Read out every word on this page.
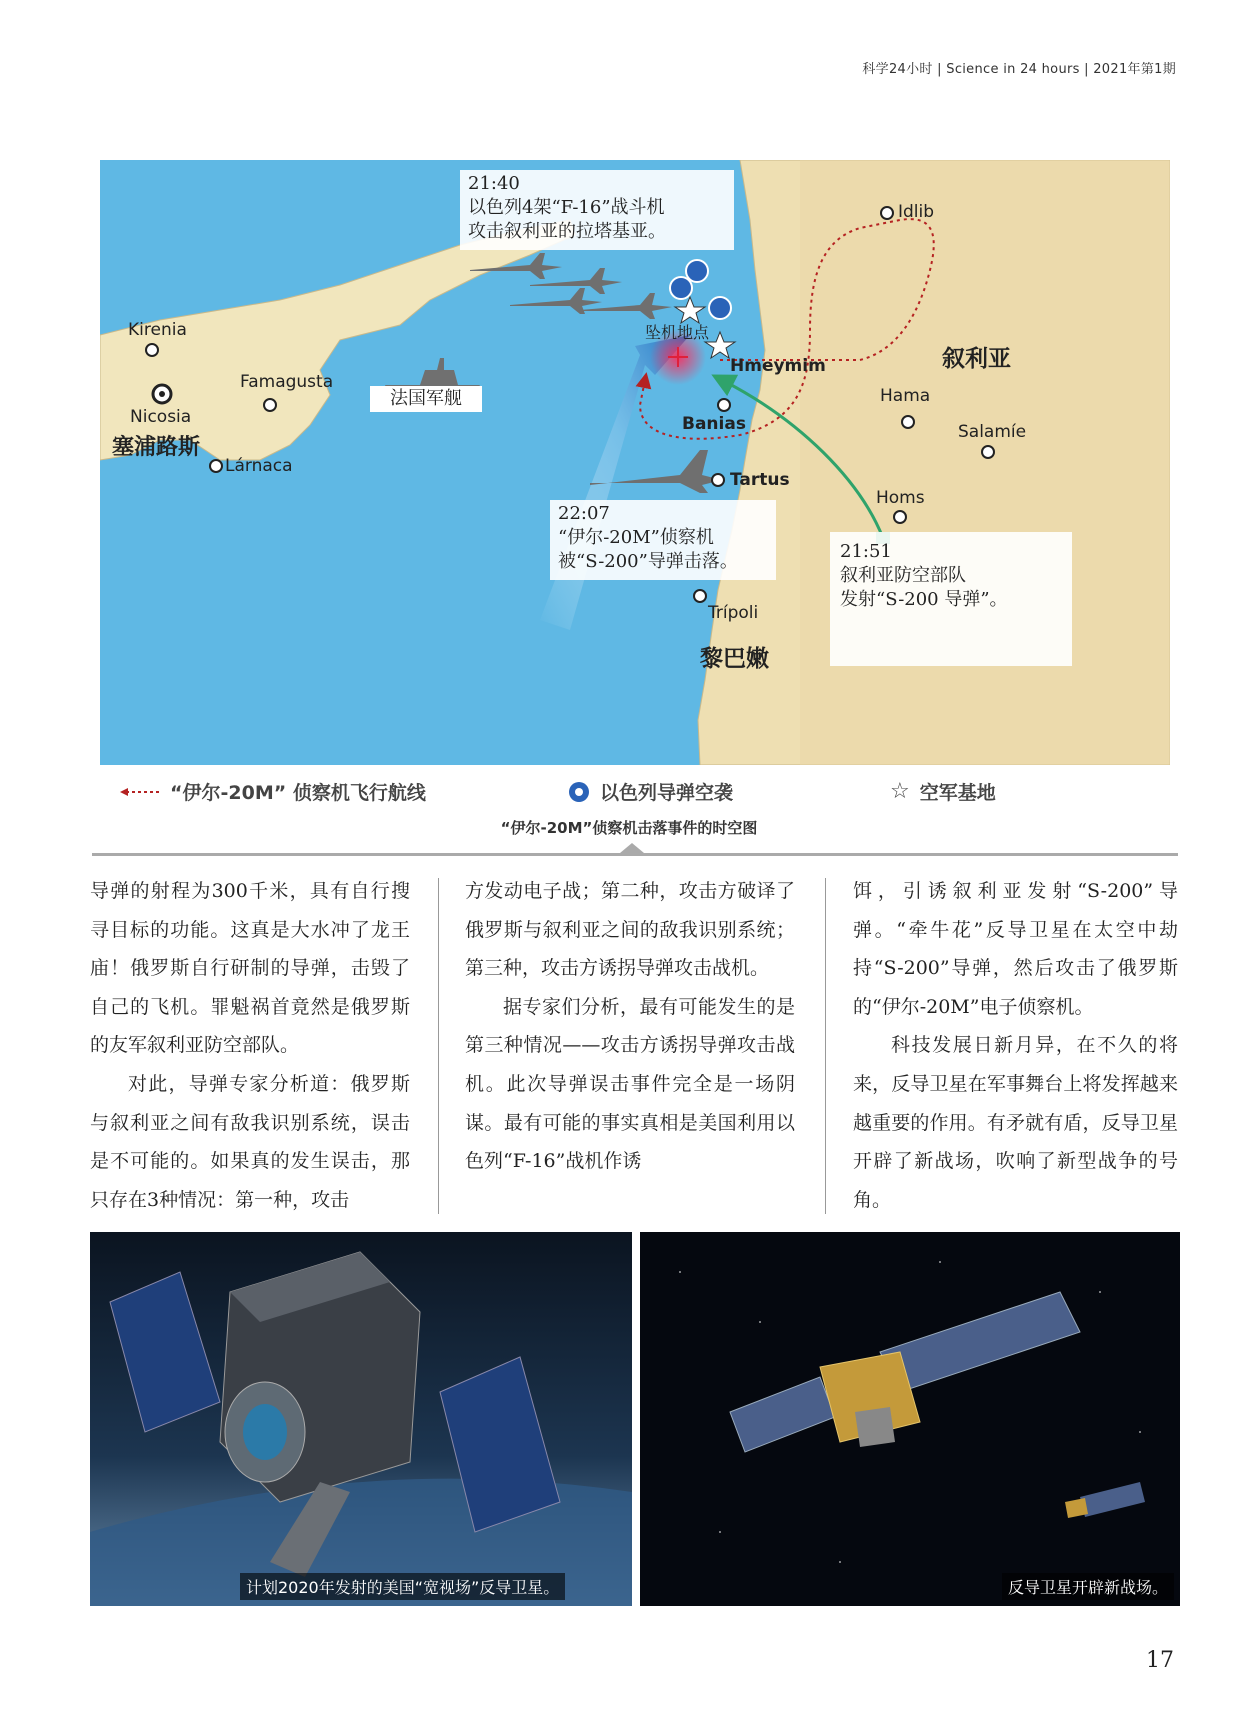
科学24小时 | Science in 24 hours | 2021年第1期
Kirenia
Nicosia
Famagusta
Lárnaca
塞浦路斯
Idlib
叙利亚
Hmeymim
Banias
Hama
Salamíe
Tartus
Homs
Trípoli
黎巴嫩
坠机地点
法国军舰
21:40
以色列4架“F-16”战斗机
攻击叙利亚的拉塔基亚。
22:07
“伊尔-20M”侦察机
被“S-200”导弹击落。	21:51
叙利亚防空部队
发射“S-200 导弹”。
“伊尔-20M” 侦察机飞行航线	以色列导弹空袭	☆ 空军基地
“伊尔-20M”侦察机击落事件的时空图

导弹的射程为300千米，具有自行搜寻目标的功能。这真是大水冲了龙王庙！俄罗斯自行研制的导弹，击毁了自己的飞机。罪魁祸首竟然是俄罗斯的友军叙利亚防空部队。

对此，导弹专家分析道：俄罗斯与叙利亚之间有敌我识别系统，误击是不可能的。如果真的发生误击，那只存在3种情况：第一种，攻击

方发动电子战；第二种，攻击方破译了俄罗斯与叙利亚之间的敌我识别系统；第三种，攻击方诱拐导弹攻击战机。

据专家们分析，最有可能发生的是第三种情况——攻击方诱拐导弹攻击战机。此次导弹误击事件完全是一场阴谋。最有可能的事实真相是美国利用以色列“F-16”战机作诱

饵，引诱叙利亚发射“S-200”导弹。“牵牛花”反导卫星在太空中劫持“S-200”导弹，然后攻击了俄罗斯的“伊尔-20M”电子侦察机。

科技发展日新月异，在不久的将来，反导卫星在军事舞台上将发挥越来越重要的作用。有矛就有盾，反导卫星开辟了新战场，吹响了新型战争的号角。

计划2020年发射的美国“宽视场”反导卫星。	反导卫星开辟新战场。
17
